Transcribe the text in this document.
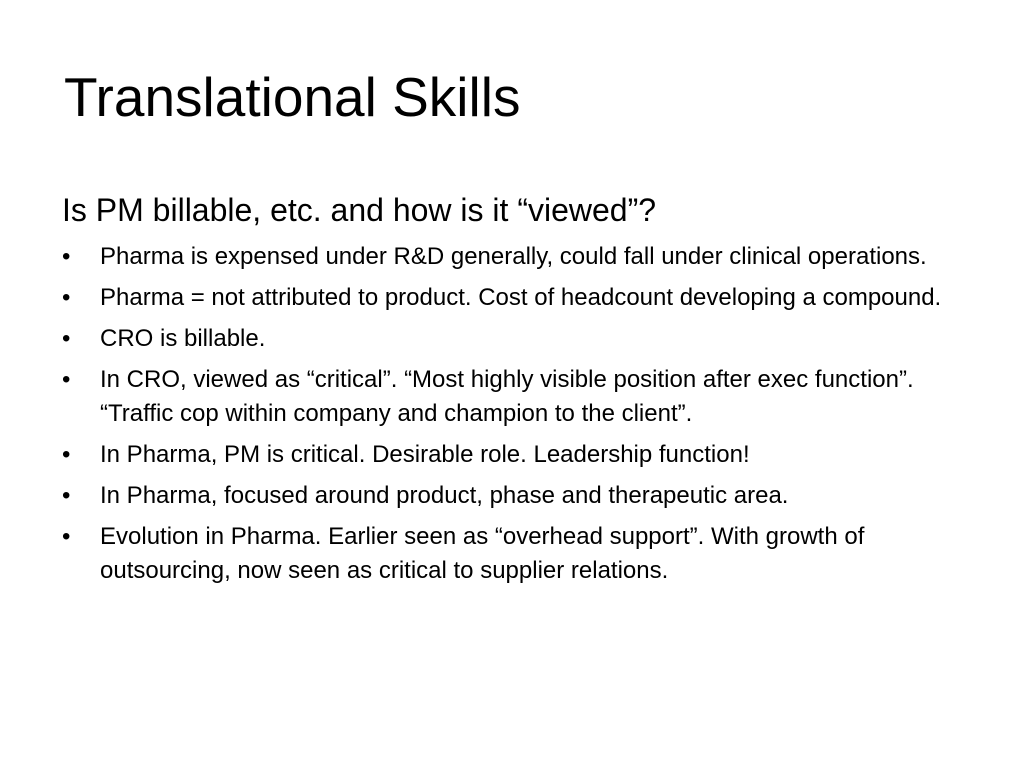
Translational Skills
Is PM billable, etc. and how is it “viewed”?
•	Pharma is expensed under R&D generally, could fall under clinical operations.
•	Pharma = not attributed to product. Cost of headcount developing a compound.
•	CRO is billable.
•	In CRO, viewed as “critical”. “Most highly visible position after exec function”. “Traffic cop within company and champion to the client”.
•	In Pharma, PM is critical. Desirable role. Leadership function!
•	In Pharma, focused around product, phase and therapeutic area.
•	Evolution in Pharma. Earlier seen as “overhead support”. With growth of outsourcing, now seen as critical to supplier relations.
